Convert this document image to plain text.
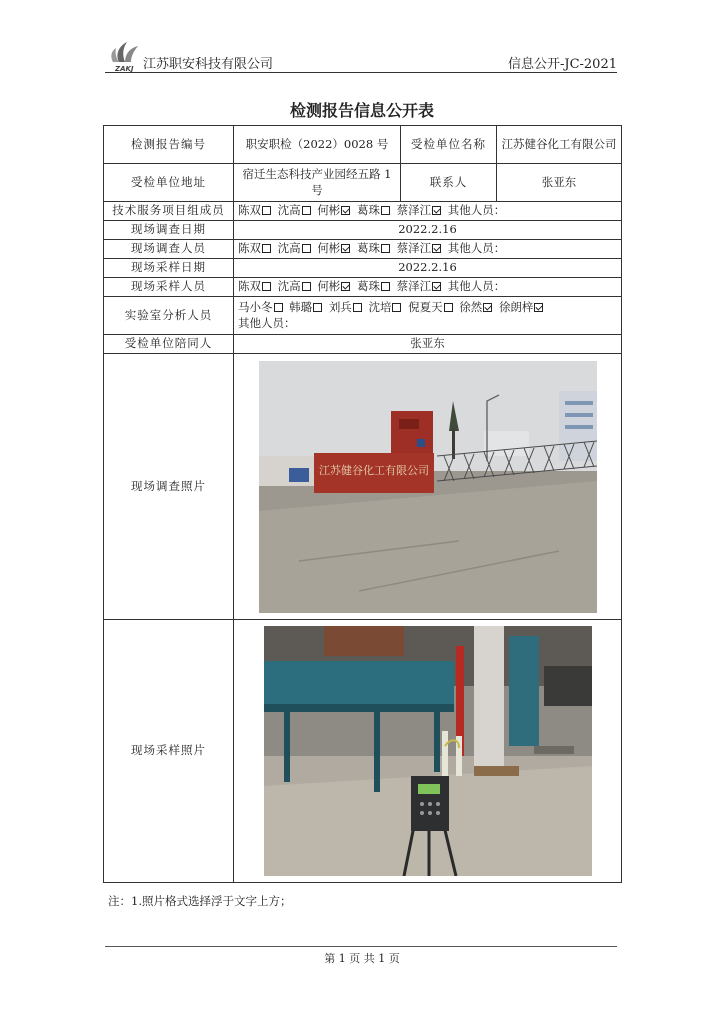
ZAKJ 江苏职安科技有限公司	信息公开-JC-2021
检测报告信息公开表
检测报告编号	职安职检（2022）0028 号	受检单位名称	江苏健谷化工有限公司
受检单位地址	宿迁生态科技产业园经五路 1 号	联系人	张亚东
技术服务项目组成员	陈双 沈高 何彬 葛珠 蔡泽江 其他人员：		
现场调查日期	2022.2.16		
现场调查人员	陈双 沈高 何彬 葛珠 蔡泽江 其他人员：		
现场采样日期	2022.2.16		
现场采样人员	陈双 沈高 何彬 葛珠 蔡泽江 其他人员：		
实验室分析人员	马小冬 韩璐 刘兵 沈培 倪夏天 徐然 徐朗梓
其他人员：		
受检单位陪同人	张亚东		
现场调查照片	江苏健谷化工有限公司		

现场采样照片	
注：1.照片格式选择浮于文字上方；
第 1 页 共 1 页
